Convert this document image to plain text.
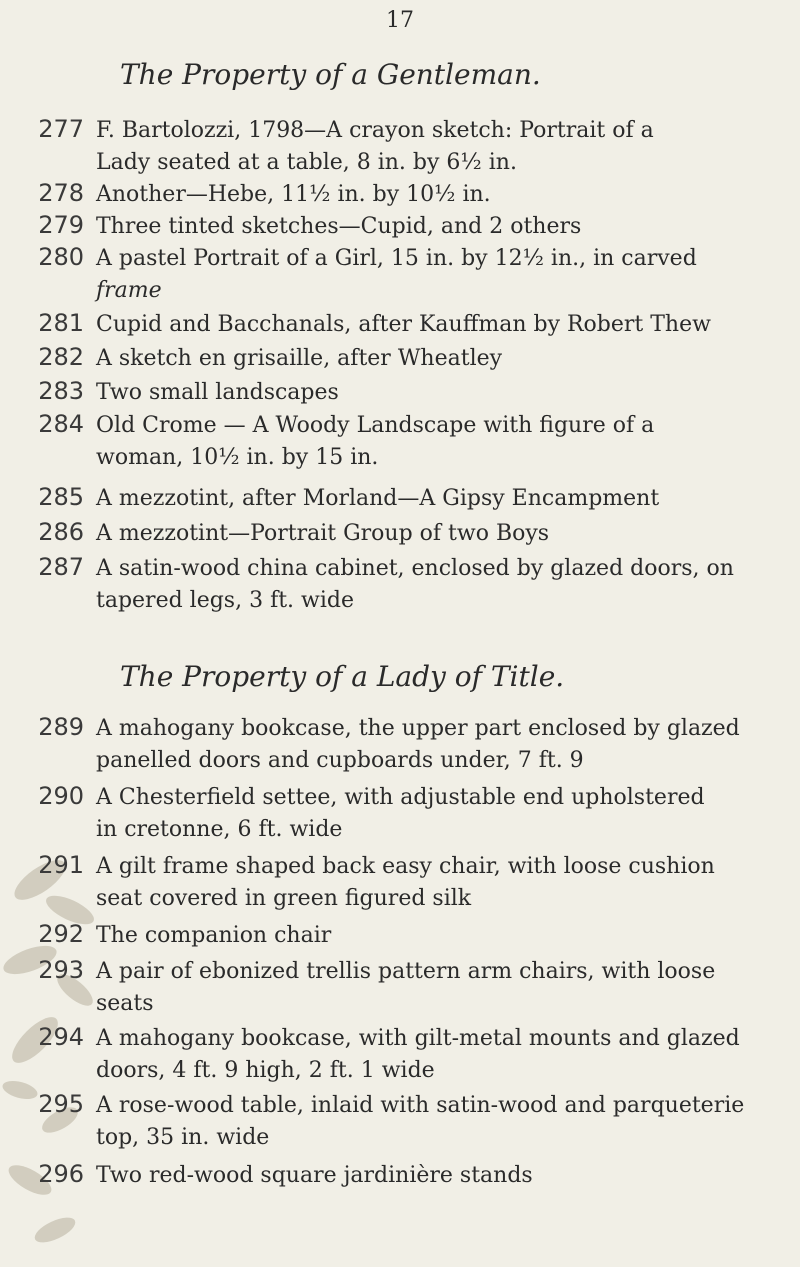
17
The Property of a Gentleman.
277 F. Bartolozzi, 1798—A crayon sketch: Portrait of a
Lady seated at a table, 8 in. by 6½ in.
278 Another—Hebe, 11½ in. by 10½ in.
279 Three tinted sketches—Cupid, and 2 others
280 A pastel Portrait of a Girl, 15 in. by 12½ in., in carved
frame
281 Cupid and Bacchanals, after Kauffman by Robert Thew
282 A sketch en grisaille, after Wheatley
283 Two small landscapes
284 Old Crome — A Woody Landscape with figure of a
woman, 10½ in. by 15 in.
285 A mezzotint, after Morland—A Gipsy Encampment
286 A mezzotint—Portrait Group of two Boys
287 A satin-wood china cabinet, enclosed by glazed doors, on
tapered legs, 3 ft. wide
The Property of a Lady of Title.
289 A mahogany bookcase, the upper part enclosed by glazed
panelled doors and cupboards under, 7 ft. 9
290 A Chesterfield settee, with adjustable end upholstered
in cretonne, 6 ft. wide
291 A gilt frame shaped back easy chair, with loose cushion
seat covered in green figured silk
292 The companion chair
293 A pair of ebonized trellis pattern arm chairs, with loose
seats
294 A mahogany bookcase, with gilt-metal mounts and glazed
doors, 4 ft. 9 high, 2 ft. 1 wide
295 A rose-wood table, inlaid with satin-wood and parqueterie
top, 35 in. wide
296 Two red-wood square jardinière stands
